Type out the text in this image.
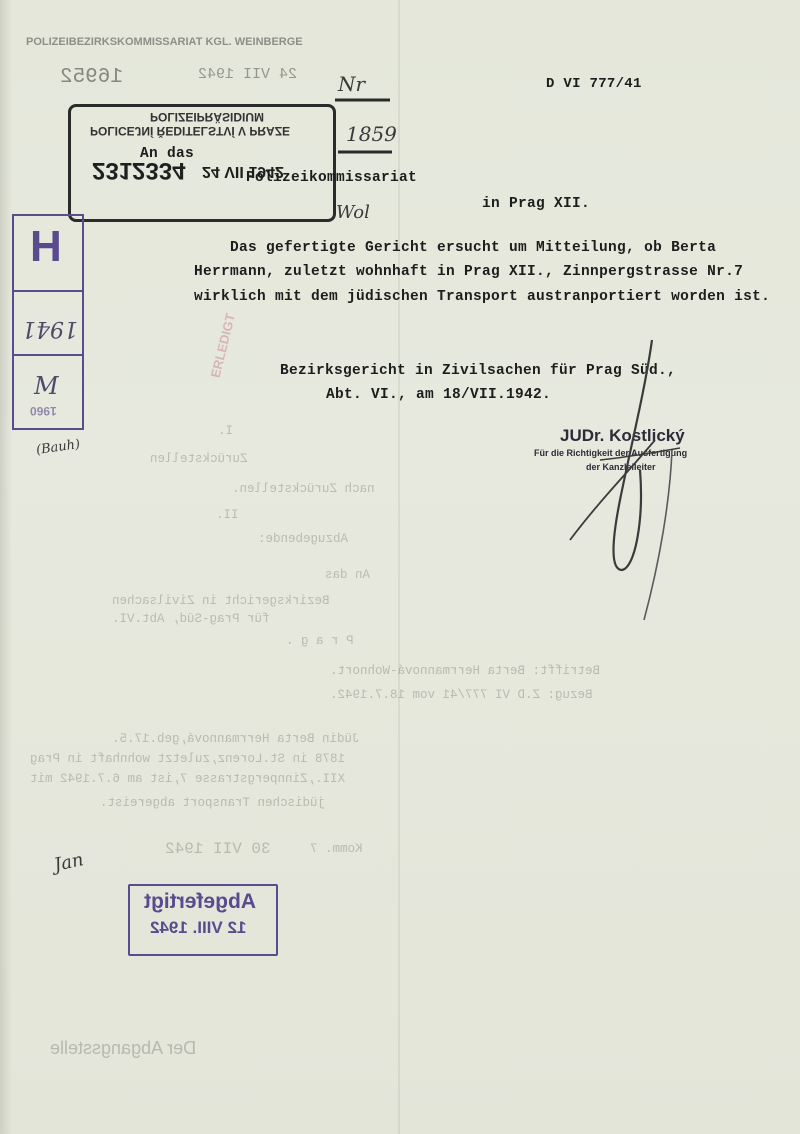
POLIZEIBEZIRKSKOMMISSARIAT KGL. WEINBERGE
16952	24 VII 1942
I.
Zurückstellen
nach Zurückstellen.
II.
Abzugebende:
An das
Bezirksgericht in Zivilsachen
für Prag-Süd, Abt.VI.
P r a g .
Betrifft: Berta Herrmannová-Wohnort.
Bezug: Z.D VI 777/41 vom 18.7.1942.
Jüdin Berta Herrmannová,geb.17.5.
1878 in St.Lorenz,zuletzt wohnhaft in Prag
XII.,Zinnpergstrasse 7,ist am 6.7.1942 mit
jüdischen Transport abgereist.
Komm. 7
30 VII 1942
Der Abgangsstelle
D VI 777/41
Nr
1859
POLIZEIPRÄSIDIUM
POLICEJNÍ ŘEDITELSTVÍ V PRAZE
2312334 24 VII 1942
An das
Polizeikommissariat
in Prag XII.
Wol
Das gefertigte Gericht ersucht um Mitteilung, ob Berta
Herrmann, zuletzt wohnhaft in Prag XII., Zinnpergstrasse Nr.7
wirklich mit dem jüdischen Transport austranportiert worden ist.
H
1941
M
1960
(Bauh)
ERLEDIGT	Bezirksgericht in Zivilsachen für Prag Süd.,
Abt. VI., am 18/VII.1942.
JUDr. Kostlický
Für die Richtigkeit der Ausfertigung
der Kanzleileiter
Jan
Abgefertigt
12 VIII. 1942
